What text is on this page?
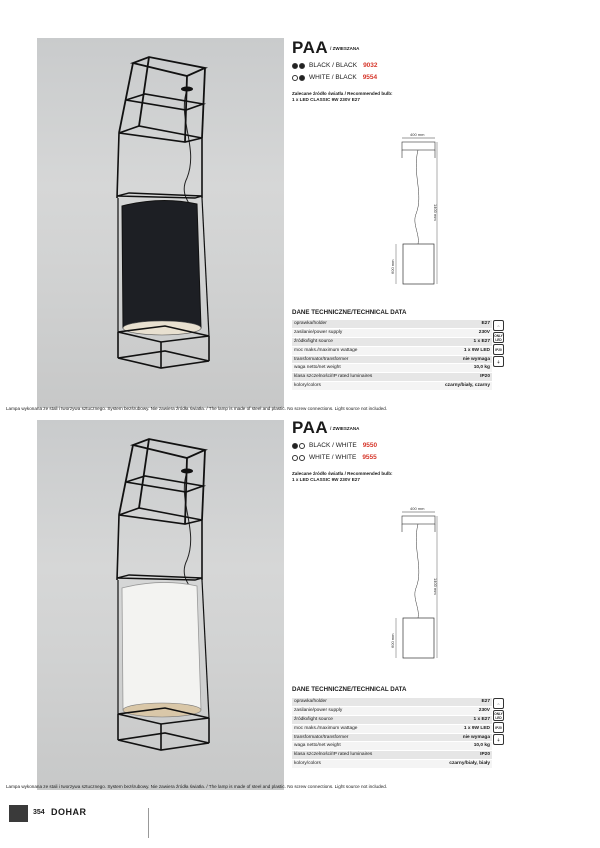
PAA / ZWIESZANA
BLACK / BLACK 9032
WHITE / BLACK 9554
Zalecane źródło światła / Recommended bulb:
1 x LED CLASSIC 9W 230V E27
400 mm
1400 mm
600 mm
DANE TECHNICZNE/TECHNICAL DATA
oprawka/holder	E27
zasilanie/power supply	230V
źródło/light source	1 x E27
moc maks./maximum wattage	1 x 9W LED
transformator/transformer	nie wymaga
waga netto/net weight	10,0 kg
klasa szczelności/IP rated luminaires	IP20
kolory/colors	czarny/biały, czarny
⌂
ONLY LED
IP20
⏚
Lampa wykonana ze stali i tworzywa sztucznego. System bezśrubowy. Nie zawiera źródła światła. / The lamp is made of steel and plastic. No screw connections. Light source not included.
PAA / ZWIESZANA
BLACK / WHITE 9550
WHITE / WHITE 9555
Zalecane źródło światła / Recommended bulb:
1 x LED CLASSIC 9W 230V E27
400 mm
1400 mm
600 mm
DANE TECHNICZNE/TECHNICAL DATA
oprawka/holder	E27
zasilanie/power supply	230V
źródło/light source	1 x E27
moc maks./maximum wattage	1 x 9W LED
transformator/transformer	nie wymaga
waga netto/net weight	10,0 kg
klasa szczelności/IP rated luminaires	IP20
kolory/colors	czarny/biały, biały
⌂
ONLY LED
IP20
⏚
Lampa wykonana ze stali i tworzywa sztucznego. System bezśrubowy. Nie zawiera źródła światła. / The lamp is made of steel and plastic. No screw connections. Light source not included.
354 DOHAR
